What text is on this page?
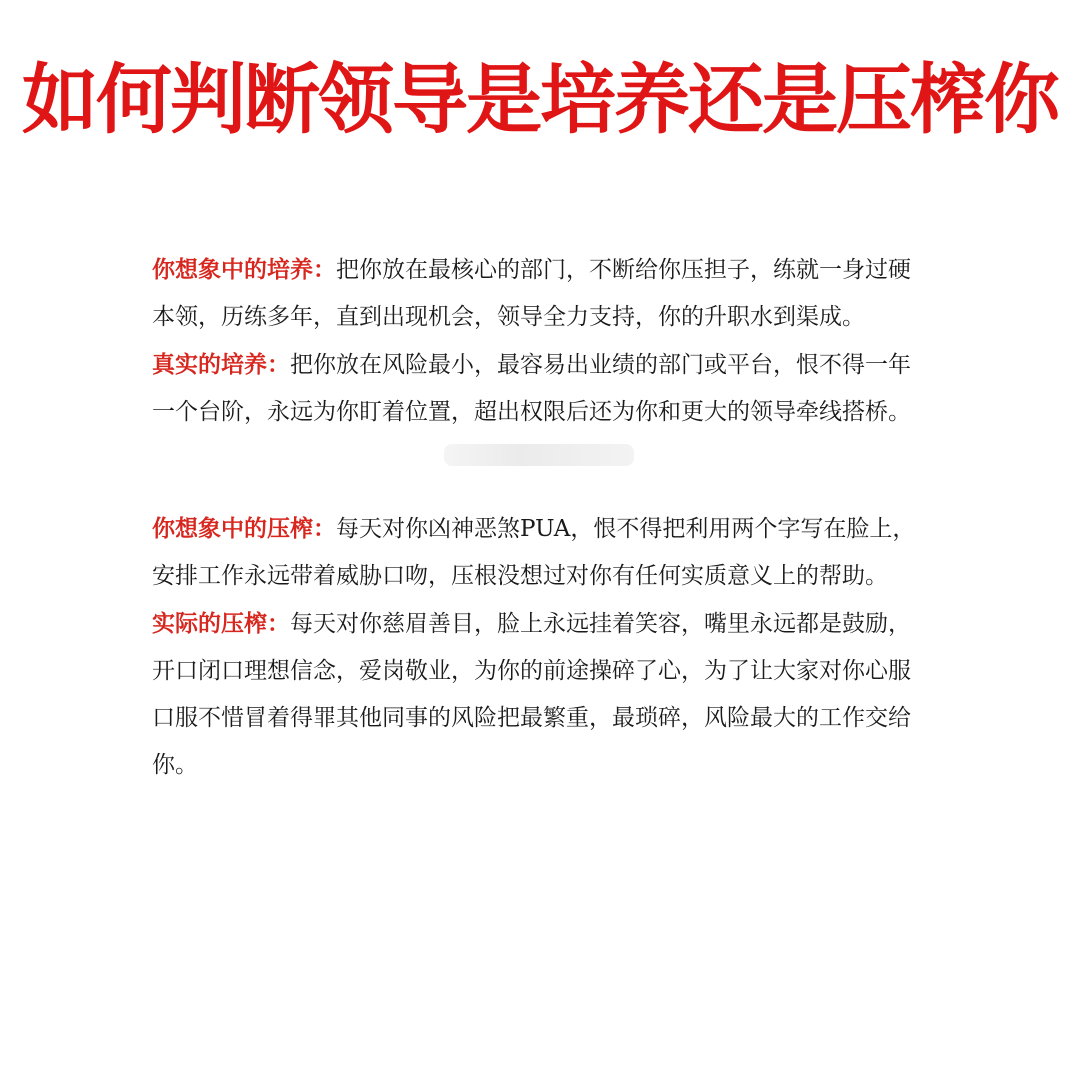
如何判断领导是培养还是压榨你

你想象中的培养：把你放在最核心的部门，不断给你压担子，练就一身过硬本领，历练多年，直到出现机会，领导全力支持，你的升职水到渠成。

真实的培养：把你放在风险最小，最容易出业绩的部门或平台，恨不得一年一个台阶，永远为你盯着位置，超出权限后还为你和更大的领导牵线搭桥。

你想象中的压榨：每天对你凶神恶煞PUA，恨不得把利用两个字写在脸上，安排工作永远带着威胁口吻，压根没想过对你有任何实质意义上的帮助。

实际的压榨：每天对你慈眉善目，脸上永远挂着笑容，嘴里永远都是鼓励，开口闭口理想信念，爱岗敬业，为你的前途操碎了心，为了让大家对你心服口服不惜冒着得罪其他同事的风险把最繁重，最琐碎，风险最大的工作交给你。
